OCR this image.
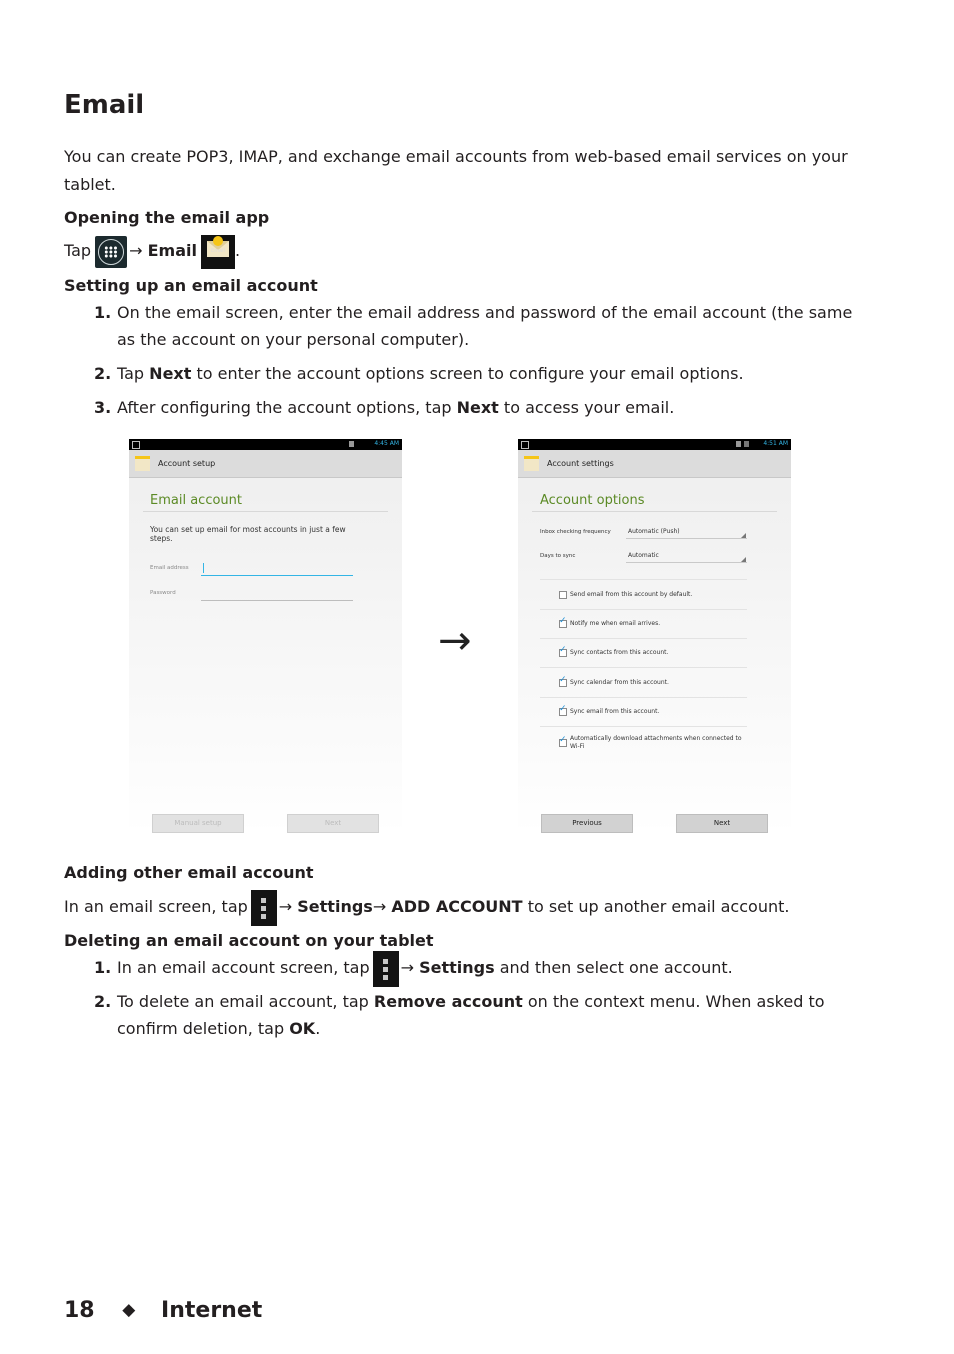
Email
You can create POP3, IMAP, and exchange email accounts from web-based email services on your tablet.
Opening the email app
Tap → Email	Email .
Setting up an email account
1. On the email screen, enter the email address and password of the email account (the same as the account on your personal computer).
2. Tap Next to enter the account options screen to configure your email options.
3. After configuring the account options, tap Next to access your email.
4:45 AM
Account setup
Email account
You can set up email for most accounts in just a few steps.
Email address
Password
Manual setup	Next
→
4:51 AM
Account settings
Account options
Inbox checking frequency	Automatic (Push)
Days to sync	Automatic
Send email from this account by default.
✓
Notify me when email arrives.
✓
Sync contacts from this account.
✓
Sync calendar from this account.
✓
Sync email from this account.
✓
Automatically download attachments when connected to Wi-Fi
Previous	Next
Adding other email account
In an email screen, tap → Settings→ ADD ACCOUNT to set up another email account.
Deleting an email account on your tablet
1. In an email account screen, tap → Settings and then select one account.
2. To delete an email account, tap Remove account on the context menu. When asked to confirm deletion, tap OK.
18 ◆ Internet
